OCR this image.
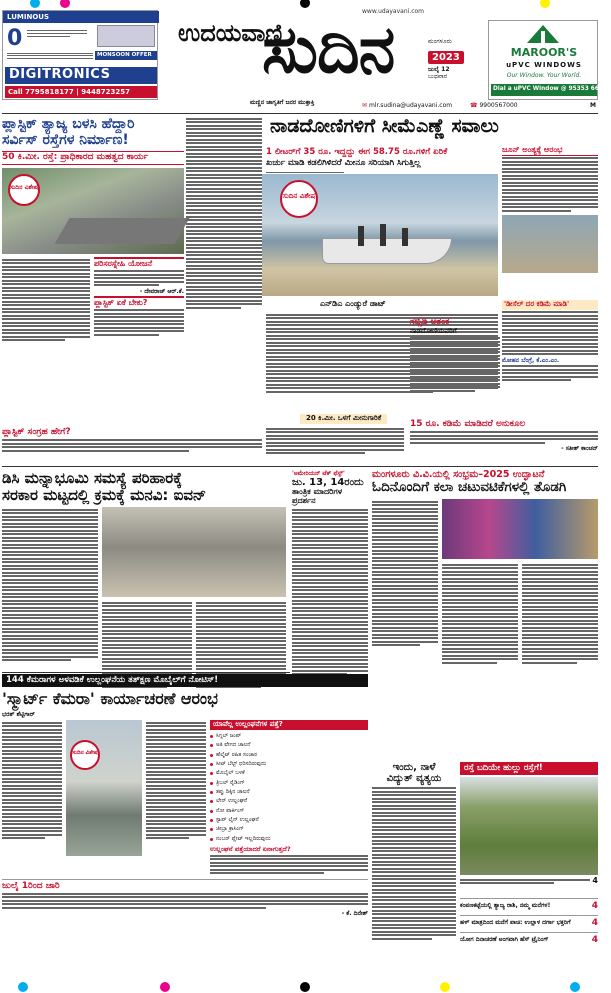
LUMINOUS
0
MONSOON OFFER
DIGITRONICS
Call 7795818177 | 9448723257
www.udayavani.com
ಉದಯವಾಣಿ
ಸುದಿನ
ಮಣ್ಣಿನ ಜಾಗೃತಿಗೆ ಜನರ ಮುಕ್ತಾಕ್ತಿ
ಮಂಗಳೂರು
2023
ಜುಲೈ 12
ಬುಧವಾರ
MAROOR'S
uPVC WINDOWS
Our Window. Your World.
Dial a uPVC Window @ 95353 66977
✉ mlr.sudina@udayavani.com	☎ 9900567000	M
ಪ್ಲಾಸ್ಟಿಕ್ ತ್ಯಾಜ್ಯ ಬಳಸಿ ಹೆದ್ದಾರಿ
ಸರ್ವಿಸ್ ರಸ್ತೆಗಳ ನಿರ್ಮಾಣ!
50 ಕಿ.ಮೀ. ರಸ್ತೆ: ಪ್ರಾಧಿಕಾರದ ಮಹತ್ವದ ಕಾರ್ಯ
ಸುದಿನ ವಿಶೇಷ
ಪರಿಸರಸ್ನೇಹಿ ಯೋಜನೆ
- ದೇವರಾಜ್ ಆರ್.ಕೆ.
ಪ್ಲಾಸ್ಟಿಕ್ ಏಕೆ ಬೇಕು?
ಪ್ಲಾಸ್ಟಿಕ್ ಸಂಗ್ರಹ ಹೇಗೆ?
ನಾಡದೋಣಿಗಳಿಗೆ ಸೀಮೆಎಣ್ಣೆ ಸವಾಲು
1 ಲೀಟರ್‌ಗೆ 35 ರೂ. ಇದ್ದದ್ದು ಈಗ 58.75 ರೂ.ಗಳಿಗೆ ಏರಿಕೆ
ಖರ್ಚು ಮಾಡಿ ಕಡಲಿಗಿಳಿದರೆ ಮೀನೂ ಸರಿಯಾಗಿ ಸಿಗುತ್ತಿಲ್ಲ
ಸುದಿನ ವಿಶೇಷ
ಎನ್‌ಡಿಎ ಎಂಡ್ಯುರೆ ಡಾಟ್
ಜೂನ್ ಅಂತ್ಯಕ್ಕೆ ಆರಂಭ
20 ಕಿ.ಮೀ. ಒಳಗೆ ಮೀನುಗಾರಿಕೆ
ಸಬ್ಸಿಡಿ ಆತಂಕ
ನಾಡದೋಣಿಯವರಿಗೆ
'ಡೀಸೆಲ್ ದರ ಕಡಿಮೆ ಮಾಡಿ'
ಮೋಹನ ಬೆಂಗ್ರೆ, ಕೆ.ಎಂ.ಎಂ.
15 ರೂ. ಕಡಿಮೆ ಮಾಡಿದರೆ ಅನುಕೂಲ
- ಸತೀಶ್ ಕಾಂಚನ್
ಡಿಸಿ ಮನ್ನಾಭೂಮಿ ಸಮಸ್ಯೆ ಪರಿಹಾರಕ್ಕೆ
ಸರಕಾರ ಮಟ್ಟದಲ್ಲಿ ಕ್ರಮಕ್ಕೆ ಮನವಿ: ಐವನ್
'ಅಮೇರಿಯನ್ ಟೆಕ್ ಫೆಸ್ಟ್'
ಜು. 13, 14ರಂದು
ತಾಂತ್ರಿಕ ಮಾದರಿಗಳ
ಪ್ರದರ್ಶನ
ಮಂಗಳೂರು ವಿ.ವಿ.ಯಲ್ಲಿ ಸಂಭ್ರಮ–2025 ಉದ್ಘಾಟನೆ
ಓದಿನೊಂದಿಗೆ ಕಲಾ ಚಟುವಟಿಕೆಗಳಲ್ಲಿ ತೊಡಗಿ
144 ಕೆಮರಾಗಳ ಅಳವಡಿಕೆ ಉಲ್ಲಂಘನೆಯ ತತ್ಕ್ಷಣ ಮೊಬೈಲ್‌ಗೆ ನೋಟಿಸ್!
'ಸ್ಮಾರ್ಟ್ ಕೆಮರಾ' ಕಾರ್ಯಾಚರಣೆ ಆರಂಭ
ಭರತ್ ಶೆಟ್ಟಿಗಾರ್
ಸುದಿನ ವಿಶೇಷ
ಯಾವೆಲ್ಲ ಉಲ್ಲಂಘನೆಗಳ ಪತ್ತೆ?
ಸಿಗ್ನಲ್ ಜಂಪ್
ಅತಿ ವೇಗದ ಚಾಲನೆ
ಹೆಲ್ಮೆಟ್ ರಹಿತ ಸಂಚಾರ
ಸೀಟ್ ಬೆಲ್ಟ್ ಧರಿಸದಿರುವುದು
ಮೊಬೈಲ್ ಬಳಕೆ
ತ್ರಿಬಲ್ ರೈಡಿಂಗ್
ತಪ್ಪು ದಿಕ್ಕಿನ ಚಾಲನೆ
ಲೇನ್ ಉಲ್ಲಂಘನೆ
ನೋ ಪಾರ್ಕಿಂಗ್
ಸ್ಟಾಪ್ ಲೈನ್ ಉಲ್ಲಂಘನೆ
ಜೀಬ್ರಾ ಕ್ರಾಸಿಂಗ್
ನಂಬರ್ ಪ್ಲೇಟ್ ಇಲ್ಲದಿರುವುದು
ಉಲ್ಲಂಘನೆ ಪತ್ತೆಯಾದರೆ ಏನಾಗುತ್ತದೆ?
ಜುಲೈ 1ರಿಂದ ಜಾರಿ
- ಕೆ. ದಿನೇಶ್
ಇಂದು, ನಾಳೆ
ವಿದ್ಯುತ್ ವ್ಯತ್ಯಯ
ರಸ್ತೆ ಬದಿಯೇ ಹುಲ್ಲು ರಸ್ತೆಗೆ!
4
ಕಂಪಣಕಟ್ಟೆಯಲ್ಲಿ ತ್ಯಾಜ್ಯ ರಾಶಿ, ನಮ್ಮ ಮನೆಗಳ!	4
ಹಳ್ ಮಾತ್ರದಿಂದ ಮನೆಗೆ ಪಾಚಿ: ಉಲ್ಲಾಳ ದರ್ಗಾ ಭಕ್ತರಿಗೆ	4
ಯೋಗ ದಿನಾಚರಣೆ ಅಂಗವಾಗಿ ಹೆಸ್ ಟ್ರೈನಿಂಗ್	4
